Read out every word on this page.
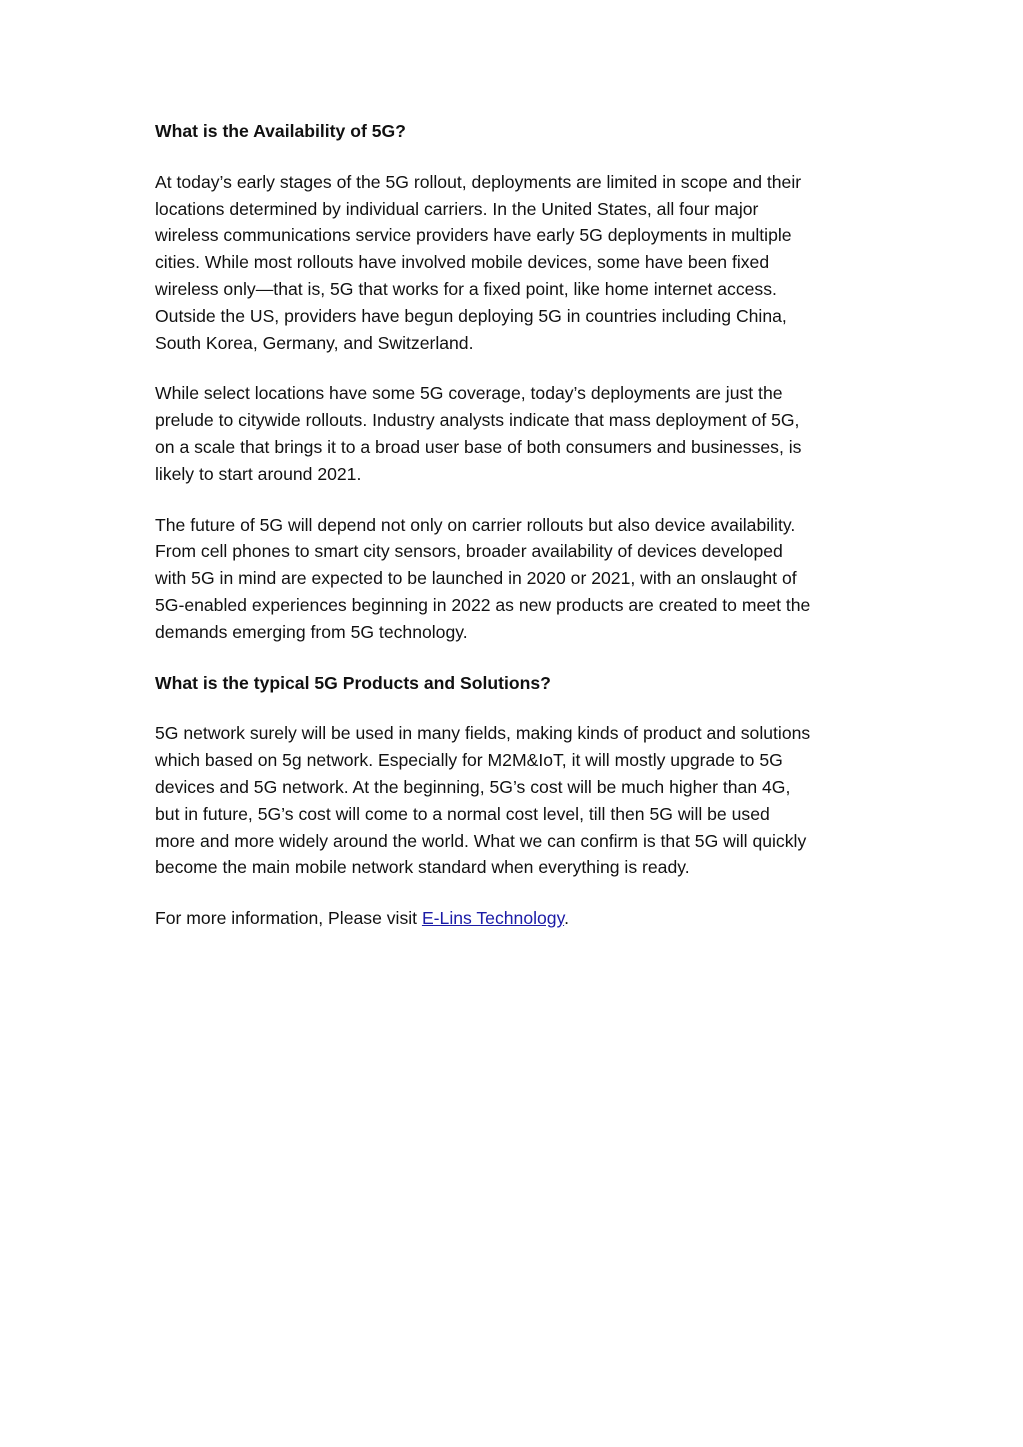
What is the Availability of 5G?
At today’s early stages of the 5G rollout, deployments are limited in scope and their
locations determined by individual carriers. In the United States, all four major
wireless communications service providers have early 5G deployments in multiple
cities. While most rollouts have involved mobile devices, some have been fixed
wireless only—that is, 5G that works for a fixed point, like home internet access.
Outside the US, providers have begun deploying 5G in countries including China,
South Korea, Germany, and Switzerland.
While select locations have some 5G coverage, today’s deployments are just the
prelude to citywide rollouts. Industry analysts indicate that mass deployment of 5G,
on a scale that brings it to a broad user base of both consumers and businesses, is
likely to start around 2021.
The future of 5G will depend not only on carrier rollouts but also device availability.
From cell phones to smart city sensors, broader availability of devices developed
with 5G in mind are expected to be launched in 2020 or 2021, with an onslaught of
5G-enabled experiences beginning in 2022 as new products are created to meet the
demands emerging from 5G technology.
What is the typical 5G Products and Solutions?
5G network surely will be used in many fields, making kinds of product and solutions
which based on 5g network. Especially for M2M&IoT, it will mostly upgrade to 5G
devices and 5G network. At the beginning, 5G’s cost will be much higher than 4G,
but in future, 5G’s cost will come to a normal cost level, till then 5G will be used
more and more widely around the world. What we can confirm is that 5G will quickly
become the main mobile network standard when everything is ready.
For more information, Please visit E-Lins Technology.
